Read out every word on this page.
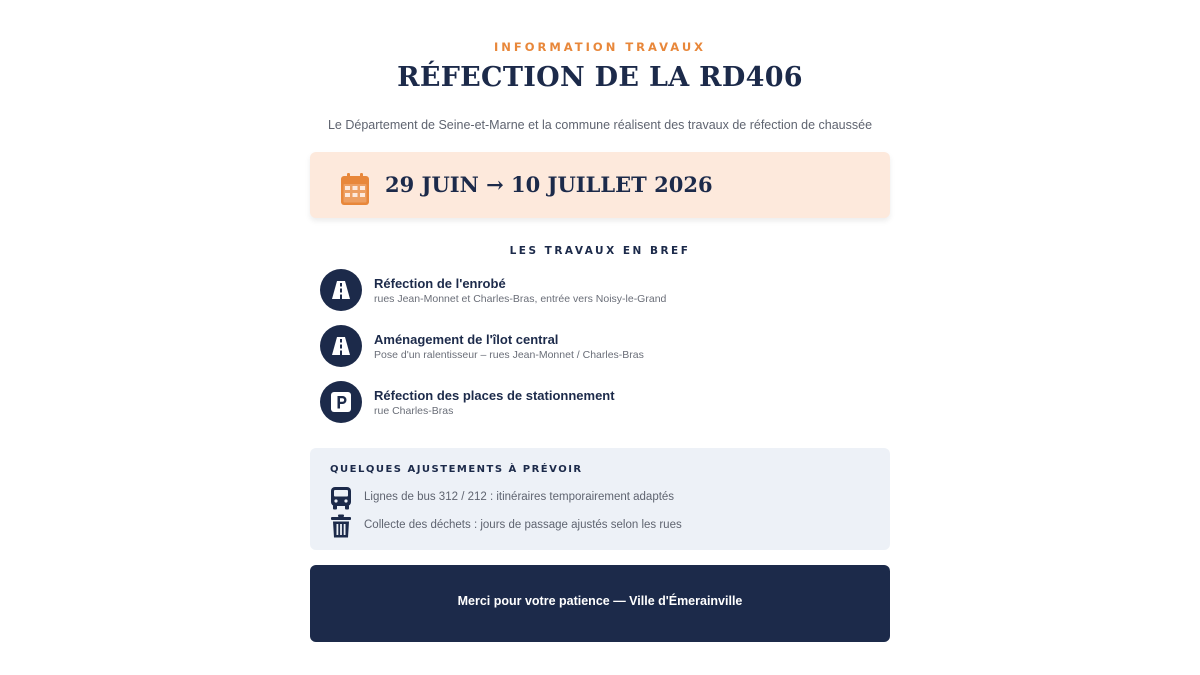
INFORMATION TRAVAUX
RÉFECTION DE LA RD406

Le Département de Seine-et-Marne et la commune réalisent des travaux de réfection de chaussée

29 JUIN → 10 JUILLET 2026
LES TRAVAUX EN BREF
Réfection de l'enrobé
rues Jean-Monnet et Charles-Bras, entrée vers Noisy-le-Grand
Aménagement de l'îlot central
Pose d'un ralentisseur – rues Jean-Monnet / Charles-Bras
Réfection des places de stationnement
rue Charles-Bras
QUELQUES AJUSTEMENTS À PRÉVOIR
Lignes de bus 312 / 212 : itinéraires temporairement adaptés
Collecte des déchets : jours de passage ajustés selon les rues
Merci pour votre patience — Ville d'Émerainville
